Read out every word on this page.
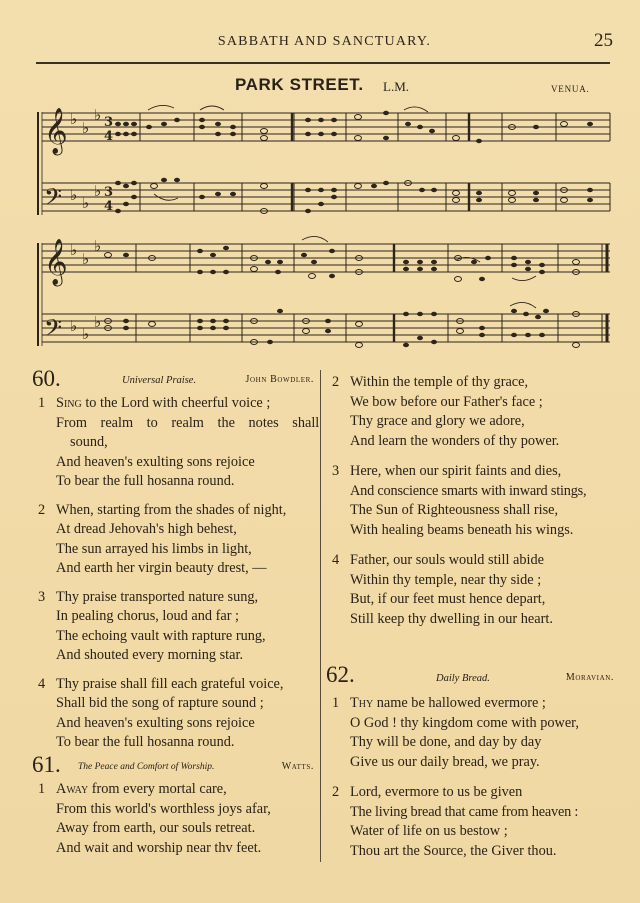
SABBATH AND SANCTUARY.	25
PARK STREET. L.M.	VENUA.
𝄞
𝄢
♭ ♭
♭
♭ ♭
♭
3
4
3
4
𝄞
𝄢
♭ ♭
♭
♭ ♭
♭
60.	Universal Praise.	John Bowdler.
1 Sing to the Lord with cheerful voice ;
From realm to realm the notes shall
sound,
And heaven's exulting sons rejoice
To bear the full hosanna round.
2 When, starting from the shades of night,
At dread Jehovah's high behest,
The sun arrayed his limbs in light,
And earth her virgin beauty drest, —
3 Thy praise transported nature sung,
In pealing chorus, loud and far ;
The echoing vault with rapture rung,
And shouted every morning star.
4 Thy praise shall fill each grateful voice,
Shall bid the song of rapture sound ;
And heaven's exulting sons rejoice
To bear the full hosanna round.
61. The Peace and Comfort of Worship.	Watts.
1 Away from every mortal care,
From this world's worthless joys afar,
Away from earth, our souls retreat.
And wait and worship near thv feet.
2 Within the temple of thy grace,
We bow before our Father's face ;
Thy grace and glory we adore,
And learn the wonders of thy power.
3 Here, when our spirit faints and dies,
And conscience smarts with inward stings,
The Sun of Righteousness shall rise,
With healing beams beneath his wings.
4 Father, our souls would still abide
Within thy temple, near thy side ;
But, if our feet must hence depart,
Still keep thy dwelling in our heart.
62.	Daily Bread.	Moravian.
1 Thy name be hallowed evermore ;
O God ! thy kingdom come with power,
Thy will be done, and day by day
Give us our daily bread, we pray.
2 Lord, evermore to us be given
The living bread that came from heaven :
Water of life on us bestow ;
Thou art the Source, the Giver thou.
